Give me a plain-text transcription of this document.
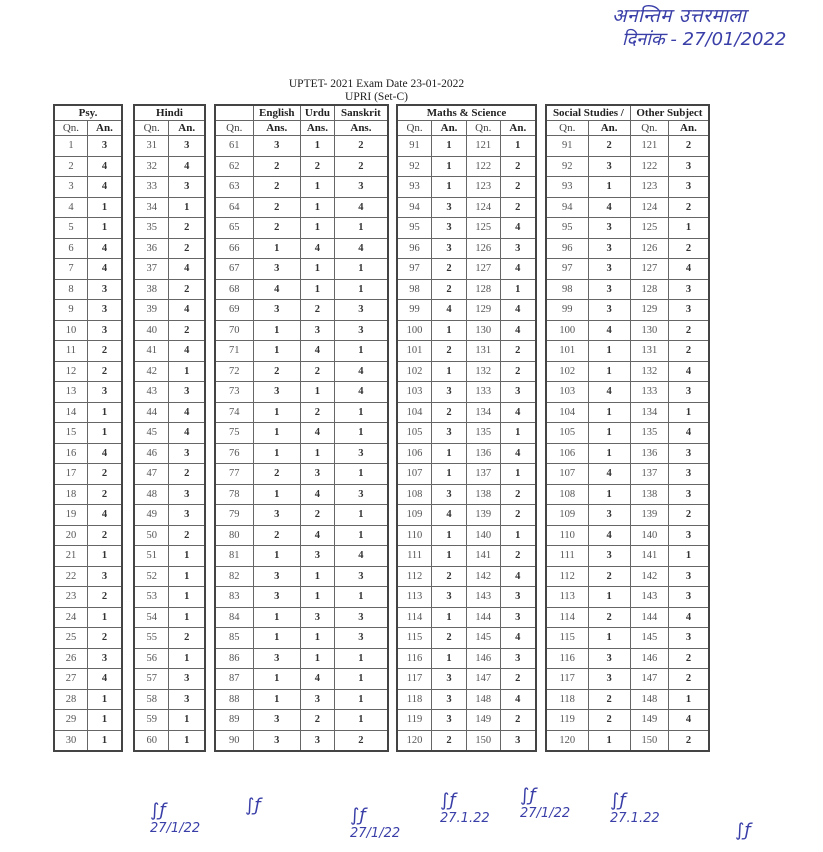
अनन्तिम उत्तरमाला
दिनांक - 27/01/2022
UPTET- 2021 Exam Date 23-01-2022
UPRI (Set-C)
Psy.	
Qn.	An.
1	3
2	4
3	4
4	1
5	1
6	4
7	4
8	3
9	3
10	3
11	2
12	2
13	3
14	1
15	1
16	4
17	2
18	2
19	4
20	2
21	1
22	3
23	2
24	1
25	2
26	3
27	4
28	1
29	1
30	1
Hindi	
Qn.	An.
31	3
32	4
33	3
34	1
35	2
36	2
37	4
38	2
39	4
40	2
41	4
42	1
43	3
44	4
45	4
46	3
47	2
48	3
49	3
50	2
51	1
52	1
53	1
54	1
55	2
56	1
57	3
58	3
59	1
60	1
	English	Urdu	Sanskrit
Qn.	Ans.	Ans.	Ans.
61	3	1	2
62	2	2	2
63	2	1	3
64	2	1	4
65	2	1	1
66	1	4	4
67	3	1	1
68	4	1	1
69	3	2	3
70	1	3	3
71	1	4	1
72	2	2	4
73	3	1	4
74	1	2	1
75	1	4	1
76	1	1	3
77	2	3	1
78	1	4	3
79	3	2	1
80	2	4	1
81	1	3	4
82	3	1	3
83	3	1	1
84	1	3	3
85	1	1	3
86	3	1	1
87	1	4	1
88	1	3	1
89	3	2	1
90	3	3	2
Maths & Science			
Qn.	An.	Qn.	An.
91	1	121	1
92	1	122	2
93	1	123	2
94	3	124	2
95	3	125	4
96	3	126	3
97	2	127	4
98	2	128	1
99	4	129	4
100	1	130	4
101	2	131	2
102	1	132	2
103	3	133	3
104	2	134	4
105	3	135	1
106	1	136	4
107	1	137	1
108	3	138	2
109	4	139	2
110	1	140	1
111	1	141	2
112	2	142	4
113	3	143	3
114	1	144	3
115	2	145	4
116	1	146	3
117	3	147	2
118	3	148	4
119	3	149	2
120	2	150	3
Social Studies /		Other Subject	
Qn.	An.	Qn.	An.
91	2	121	2
92	3	122	3
93	1	123	3
94	4	124	2
95	3	125	1
96	3	126	2
97	3	127	4
98	3	128	3
99	3	129	3
100	4	130	2
101	1	131	2
102	1	132	4
103	4	133	3
104	1	134	1
105	1	135	4
106	1	136	3
107	4	137	3
108	1	138	3
109	3	139	2
110	4	140	3
111	3	141	1
112	2	142	3
113	1	143	3
114	2	144	4
115	1	145	3
116	3	146	2
117	3	147	2
118	2	148	1
119	2	149	4
120	1	150	2
∫ƒ
27/1/22
∫ƒ	∫ƒ
27/1/22
∫ƒ
27.1.22
∫ƒ
27/1/22
∫ƒ
27.1.22
∫ƒ
